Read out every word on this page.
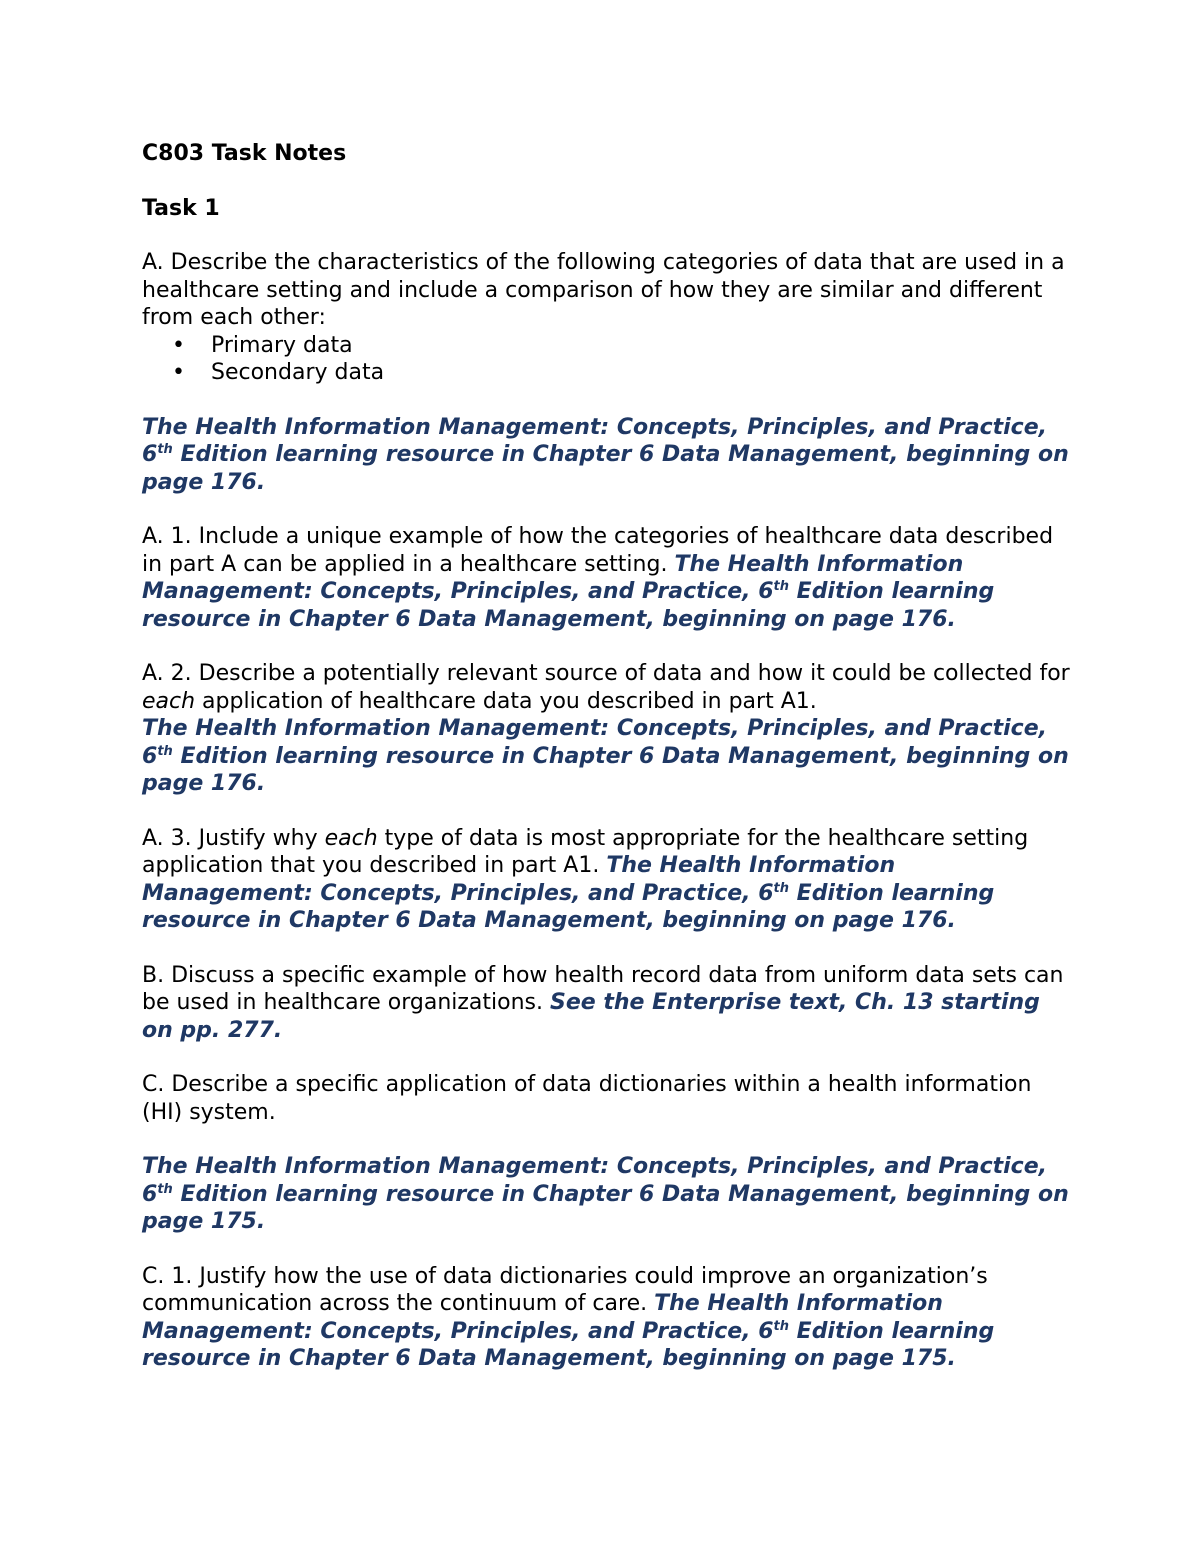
C803 Task Notes
Task 1

A. Describe the characteristics of the following categories of data that are used in a healthcare setting and include a comparison of how they are similar and different from each other:

• Primary data
• Secondary data

The Health Information Management: Concepts, Principles, and Practice, 6th Edition learning resource in Chapter 6 Data Management, beginning on page 176.

A. 1. Include a unique example of how the categories of healthcare data described in part A can be applied in a healthcare setting. The Health Information Management: Concepts, Principles, and Practice, 6th Edition learning resource in Chapter 6 Data Management, beginning on page 176.

A. 2. Describe a potentially relevant source of data and how it could be collected for each application of healthcare data you described in part A1.
The Health Information Management: Concepts, Principles, and Practice, 6th Edition learning resource in Chapter 6 Data Management, beginning on page 176.

A. 3. Justify why each type of data is most appropriate for the healthcare setting application that you described in part A1. The Health Information Management: Concepts, Principles, and Practice, 6th Edition learning resource in Chapter 6 Data Management, beginning on page 176.

B. Discuss a specific example of how health record data from uniform data sets can be used in healthcare organizations. See the Enterprise text, Ch. 13 starting on pp. 277.

C. Describe a specific application of data dictionaries within a health information (HI) system.

The Health Information Management: Concepts, Principles, and Practice, 6th Edition learning resource in Chapter 6 Data Management, beginning on page 175.

C. 1. Justify how the use of data dictionaries could improve an organization’s communication across the continuum of care. The Health Information Management: Concepts, Principles, and Practice, 6th Edition learning resource in Chapter 6 Data Management, beginning on page 175.
